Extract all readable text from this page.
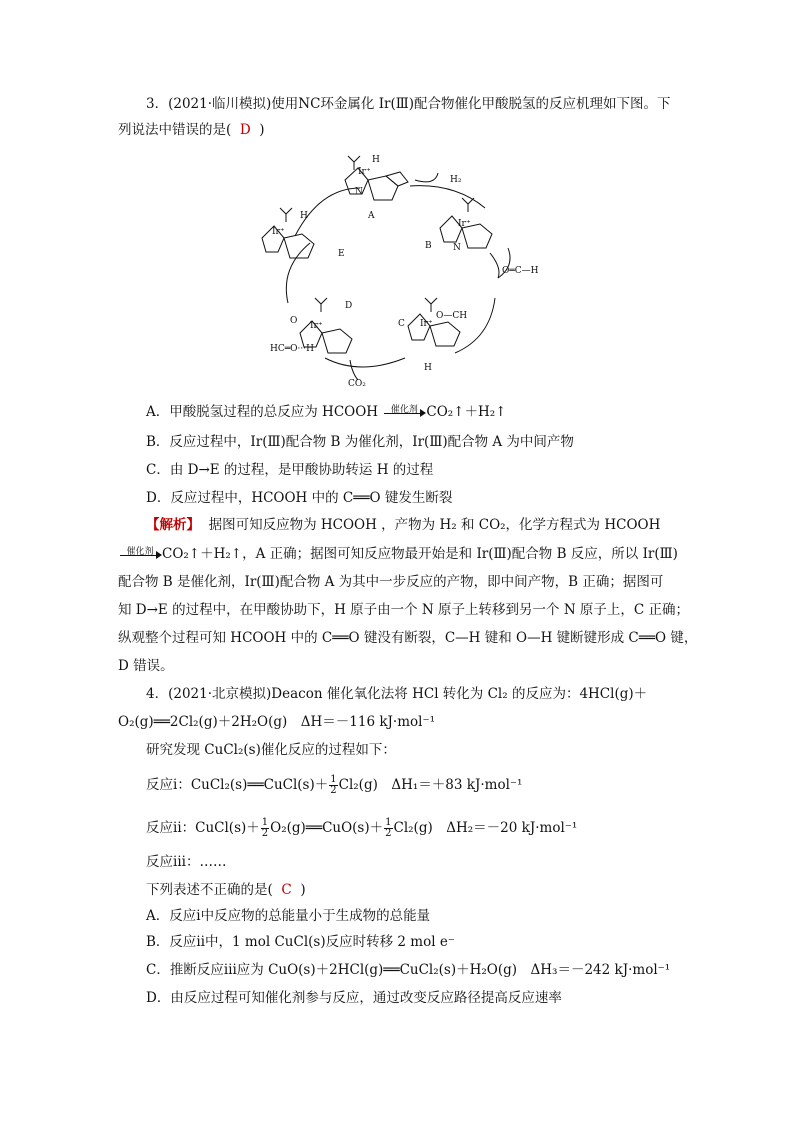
3．(2021·临川模拟)使用NC环金属化 Ir(Ⅲ)配合物催化甲酸脱氢的反应机理如下图。下
列说法中错误的是( D )
A
B
C
D
E
H₂
CO₂
Ir⁺
Ir⁺
Ir⁺
Ir⁺
Ir⁺
O═C—H
O—CH
HC═O···H
H
H
H
O
N
N
A．甲酸脱氢过程的总反应为 HCOOH	催化剂 CO₂↑＋H₂↑
B．反应过程中，Ir(Ⅲ)配合物 B 为催化剂，Ir(Ⅲ)配合物 A 为中间产物
C．由 D→E 的过程，是甲酸协助转运 H 的过程
D．反应过程中，HCOOH 中的 C══O 键发生断裂
【解析】 据图可知反应物为 HCOOH ，产物为 H₂ 和 CO₂，化学方程式为 HCOOH
催化剂 CO₂↑＋H₂↑，A 正确；据图可知反应物最开始是和 Ir(Ⅲ)配合物 B 反应，所以 Ir(Ⅲ)
配合物 B 是催化剂，Ir(Ⅲ)配合物 A 为其中一步反应的产物，即中间产物，B 正确；据图可
知 D→E 的过程中，在甲酸协助下，H 原子由一个 N 原子上转移到另一个 N 原子上，C 正确；
纵观整个过程可知 HCOOH 中的 C══O 键没有断裂，C—H 键和 O—H 键断键形成 C══O 键，
D 错误。
4．(2021·北京模拟)Deacon 催化氧化法将 HCl 转化为 Cl₂ 的反应为：4HCl(g)＋
O₂(g)══2Cl₂(g)＋2H₂O(g)　ΔH＝－116 kJ·mol⁻¹
研究发现 CuCl₂(s)催化反应的过程如下：
反应ⅰ：CuCl₂(s)══CuCl(s)＋ $\frac{1}{2} Cl_2(g)$　ΔH₁＝＋83 kJ·mol⁻¹
反应ⅱ：CuCl(s)＋ $\frac{1}{2}$ O₂(g)══CuO(s)＋ $\frac{1}{2} Cl_2(g)$　ΔH₂＝－20 kJ·mol⁻¹
反应ⅲ：……
下列表述不正确的是( C )
A．反应ⅰ中反应物的总能量小于生成物的总能量
B．反应ⅱ中，1 mol CuCl(s)反应时转移 2 mol e⁻
C．推断反应ⅲ应为 CuO(s)＋2HCl(g)══CuCl₂(s)＋H₂O(g)　ΔH₃＝－242 kJ·mol⁻¹
D．由反应过程可知催化剂参与反应，通过改变反应路径提高反应速率
